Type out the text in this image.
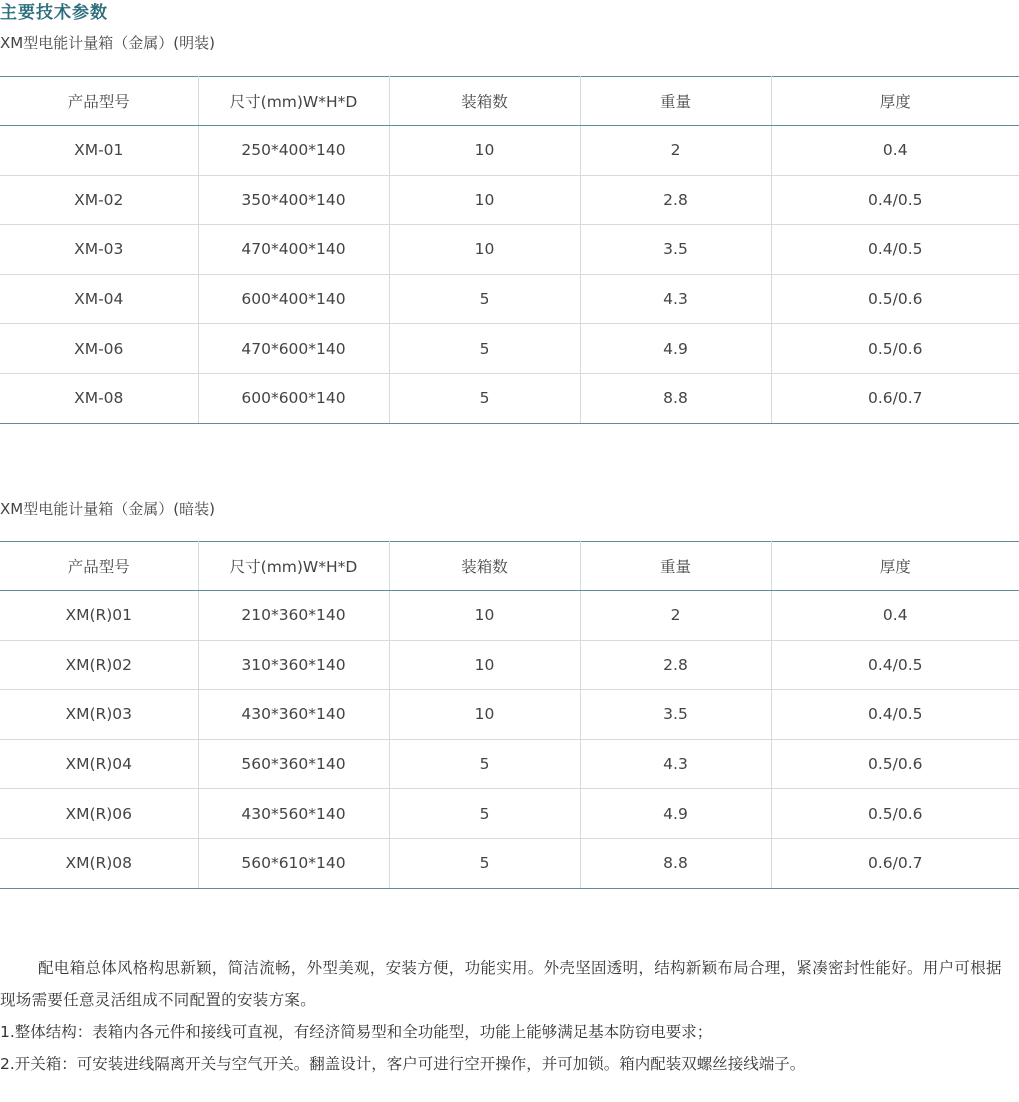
主要技术参数
XM型电能计量箱（金属）(明装)
产品型号	尺寸(mm)W*H*D	装箱数	重量	厚度
XM-01	250*400*140	10	2	0.4
XM-02	350*400*140	10	2.8	0.4/0.5
XM-03	470*400*140	10	3.5	0.4/0.5
XM-04	600*400*140	5	4.3	0.5/0.6
XM-06	470*600*140	5	4.9	0.5/0.6
XM-08	600*600*140	5	8.8	0.6/0.7
XM型电能计量箱（金属）(暗装)
产品型号	尺寸(mm)W*H*D	装箱数	重量	厚度
XM(R)01	210*360*140	10	2	0.4
XM(R)02	310*360*140	10	2.8	0.4/0.5
XM(R)03	430*360*140	10	3.5	0.4/0.5
XM(R)04	560*360*140	5	4.3	0.5/0.6
XM(R)06	430*560*140	5	4.9	0.5/0.6
XM(R)08	560*610*140	5	8.8	0.6/0.7

配电箱总体风格构思新颖，简洁流畅，外型美观，安装方便，功能实用。外壳坚固透明，结构新颖布局合理，紧凑密封性能好。用户可根据现场需要任意灵活组成不同配置的安装方案。

1.整体结构：表箱内各元件和接线可直视，有经济简易型和全功能型，功能上能够满足基本防窃电要求；

2.开关箱：可安装进线隔离开关与空气开关。翻盖设计，客户可进行空开操作，并可加锁。箱内配装双螺丝接线端子。
